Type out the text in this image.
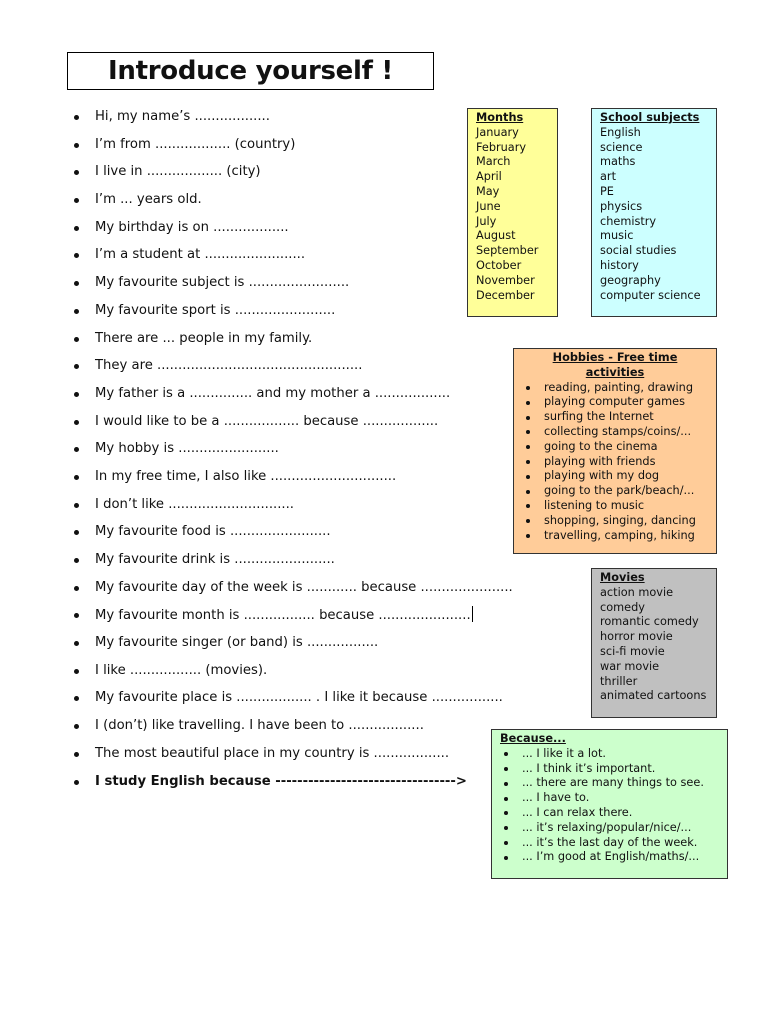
Introduce yourself !
Hi, my name’s ..................
I’m from .................. (country)
I live in .................. (city)
I’m ... years old.
My birthday is on ..................
I’m a student at ........................
My favourite subject is ........................
My favourite sport is ........................
There are ... people in my family.
They are .................................................
My father is a ............... and my mother a ..................
I would like to be a .................. because ..................
My hobby is ........................
In my free time, I also like ..............................
I don’t like ..............................
My favourite food is ........................
My favourite drink is ........................
My favourite day of the week is ............ because ......................
My favourite month is ................. because ......................
My favourite singer (or band) is .................
I like ................. (movies).
My favourite place is .................. . I like it because .................
I (don’t) like travelling. I have been to ..................
The most beautiful place in my country is ..................
I study English because --------------------------------->
Months
January
February
March
April
May
June
July
August
September
October
November
December
School subjects
English
science
maths
art
PE
physics
chemistry
music
social studies
history
geography
computer science
Hobbies - Free time activities
reading, painting, drawing
playing computer games
surfing the Internet
collecting stamps/coins/...
going to the cinema
playing with friends
playing with my dog
going to the park/beach/...
listening to music
shopping, singing, dancing
travelling, camping, hiking
Movies
action movie
comedy
romantic comedy
horror movie
sci-fi movie
war movie
thriller
animated cartoons
Because...
... I like it a lot.
... I think it’s important.
... there are many things to see.
... I have to.
... I can relax there.
... it’s relaxing/popular/nice/...
... it’s the last day of the week.
... I’m good at English/maths/...
